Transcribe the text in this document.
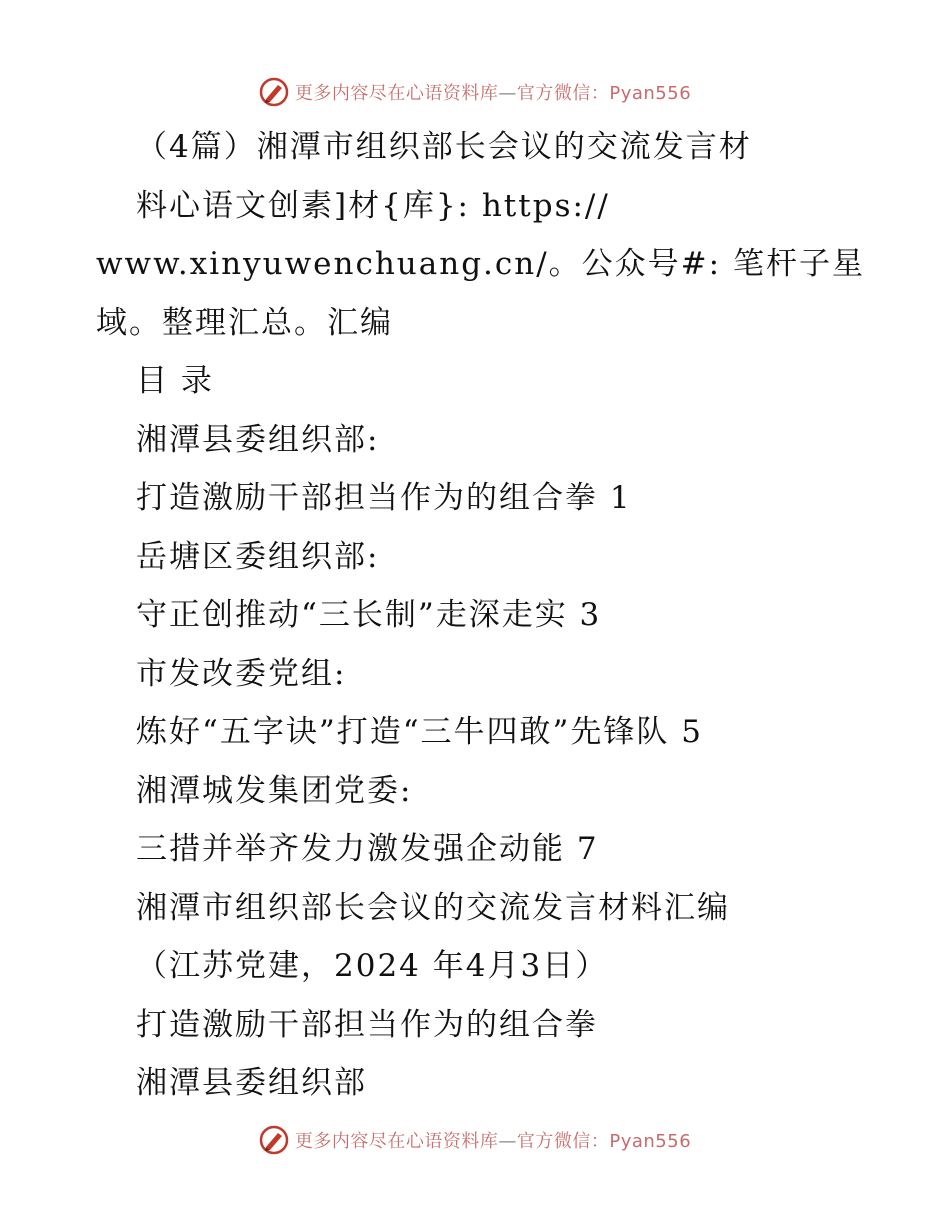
更多内容尽在心语资料库—官方微信：Pyan556
（4篇）湘潭市组织部长会议的交流发言材
料心语文创素]材{库}: https://
www.xinyuwenchuang.cn/。公众号#: 笔杆子星
域。整理汇总。汇编
目 录
湘潭县委组织部:
打造激励干部担当作为的组合拳 1
岳塘区委组织部:
守正创推动“三长制”走深走实 3
市发改委党组:
炼好“五字诀”打造“三牛四敢”先锋队 5
湘潭城发集团党委:
三措并举齐发力激发强企动能 7
湘潭市组织部长会议的交流发言材料汇编
（江苏党建，2024 年4月3日）
打造激励干部担当作为的组合拳
湘潭县委组织部
更多内容尽在心语资料库—官方微信：Pyan556
